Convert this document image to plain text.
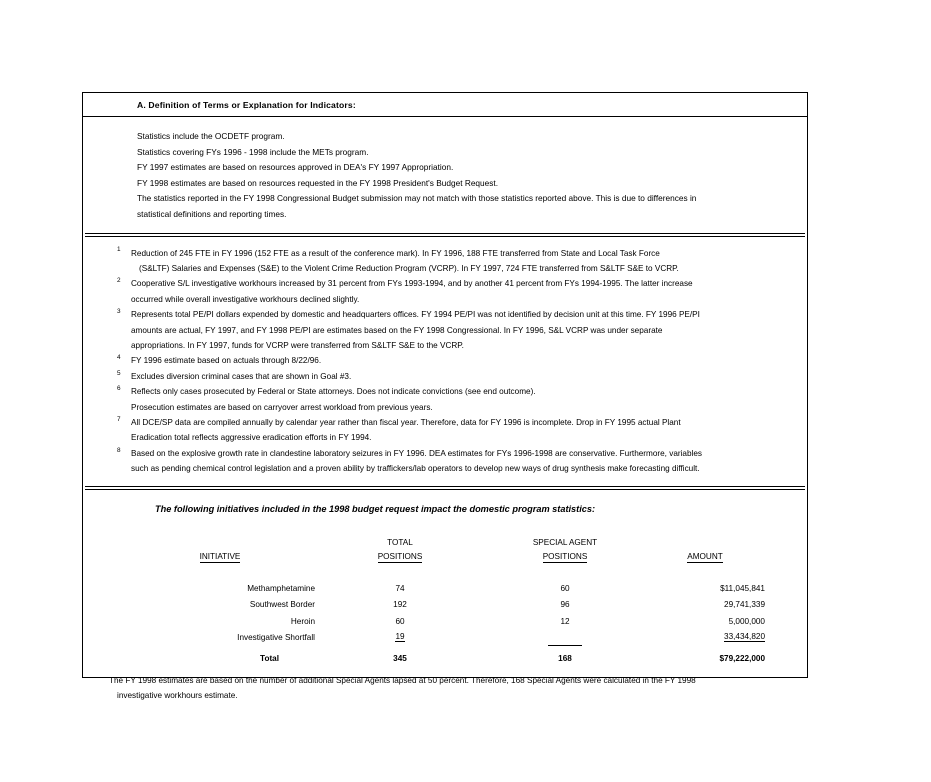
A. Definition of Terms or Explanation for Indicators:
Statistics include the OCDETF program.
Statistics covering FYs 1996 - 1998 include the METs program.
FY 1997 estimates are based on resources approved in DEA's FY 1997 Appropriation.
FY 1998 estimates are based on resources requested in the FY 1998 President's Budget Request.
The statistics reported in the FY 1998 Congressional Budget submission may not match with those statistics reported above. This is due to differences in
statistical definitions and reporting times.
1 Reduction of 245 FTE in FY 1996 (152 FTE as a result of the conference mark). In FY 1996, 188 FTE transferred from State and Local Task Force
(S&LTF) Salaries and Expenses (S&E) to the Violent Crime Reduction Program (VCRP). In FY 1997, 724 FTE transferred from S&LTF S&E to VCRP.
2 Cooperative S/L investigative workhours increased by 31 percent from FYs 1993-1994, and by another 41 percent from FYs 1994-1995. The latter increase
occurred while overall investigative workhours declined slightly.
3 Represents total PE/PI dollars expended by domestic and headquarters offices. FY 1994 PE/PI was not identified by decision unit at this time. FY 1996 PE/PI
amounts are actual, FY 1997, and FY 1998 PE/PI are estimates based on the FY 1998 Congressional. In FY 1996, S&L VCRP was under separate
appropriations. In FY 1997, funds for VCRP were transferred from S&LTF S&E to the VCRP.
4 FY 1996 estimate based on actuals through 8/22/96.
5 Excludes diversion criminal cases that are shown in Goal #3.
6 Reflects only cases prosecuted by Federal or State attorneys. Does not indicate convictions (see end outcome).
Prosecution estimates are based on carryover arrest workload from previous years.
7 All DCE/SP data are compiled annually by calendar year rather than fiscal year. Therefore, data for FY 1996 is incomplete. Drop in FY 1995 actual Plant
Eradication total reflects aggressive eradication efforts in FY 1994.
8 Based on the explosive growth rate in clandestine laboratory seizures in FY 1996. DEA estimates for FYs 1996-1998 are conservative. Furthermore, variables
such as pending chemical control legislation and a proven ability by traffickers/lab operators to develop new ways of drug synthesis make forecasting difficult.
The following initiatives included in the 1998 budget request impact the domestic program statistics:
	TOTAL	SPECIAL AGENT	
INITIATIVE	POSITIONS	POSITIONS	AMOUNT

Methamphetamine	74	60	$11,045,841
Southwest Border	192	96	29,741,339
Heroin	60	12	5,000,000
Investigative Shortfall	19		33,434,820

Total	345	168	$79,222,000
The FY 1998 estimates are based on the number of additional Special Agents lapsed at 50 percent. Therefore, 168 Special Agents were calculated in the FY 1998
investigative workhours estimate.
